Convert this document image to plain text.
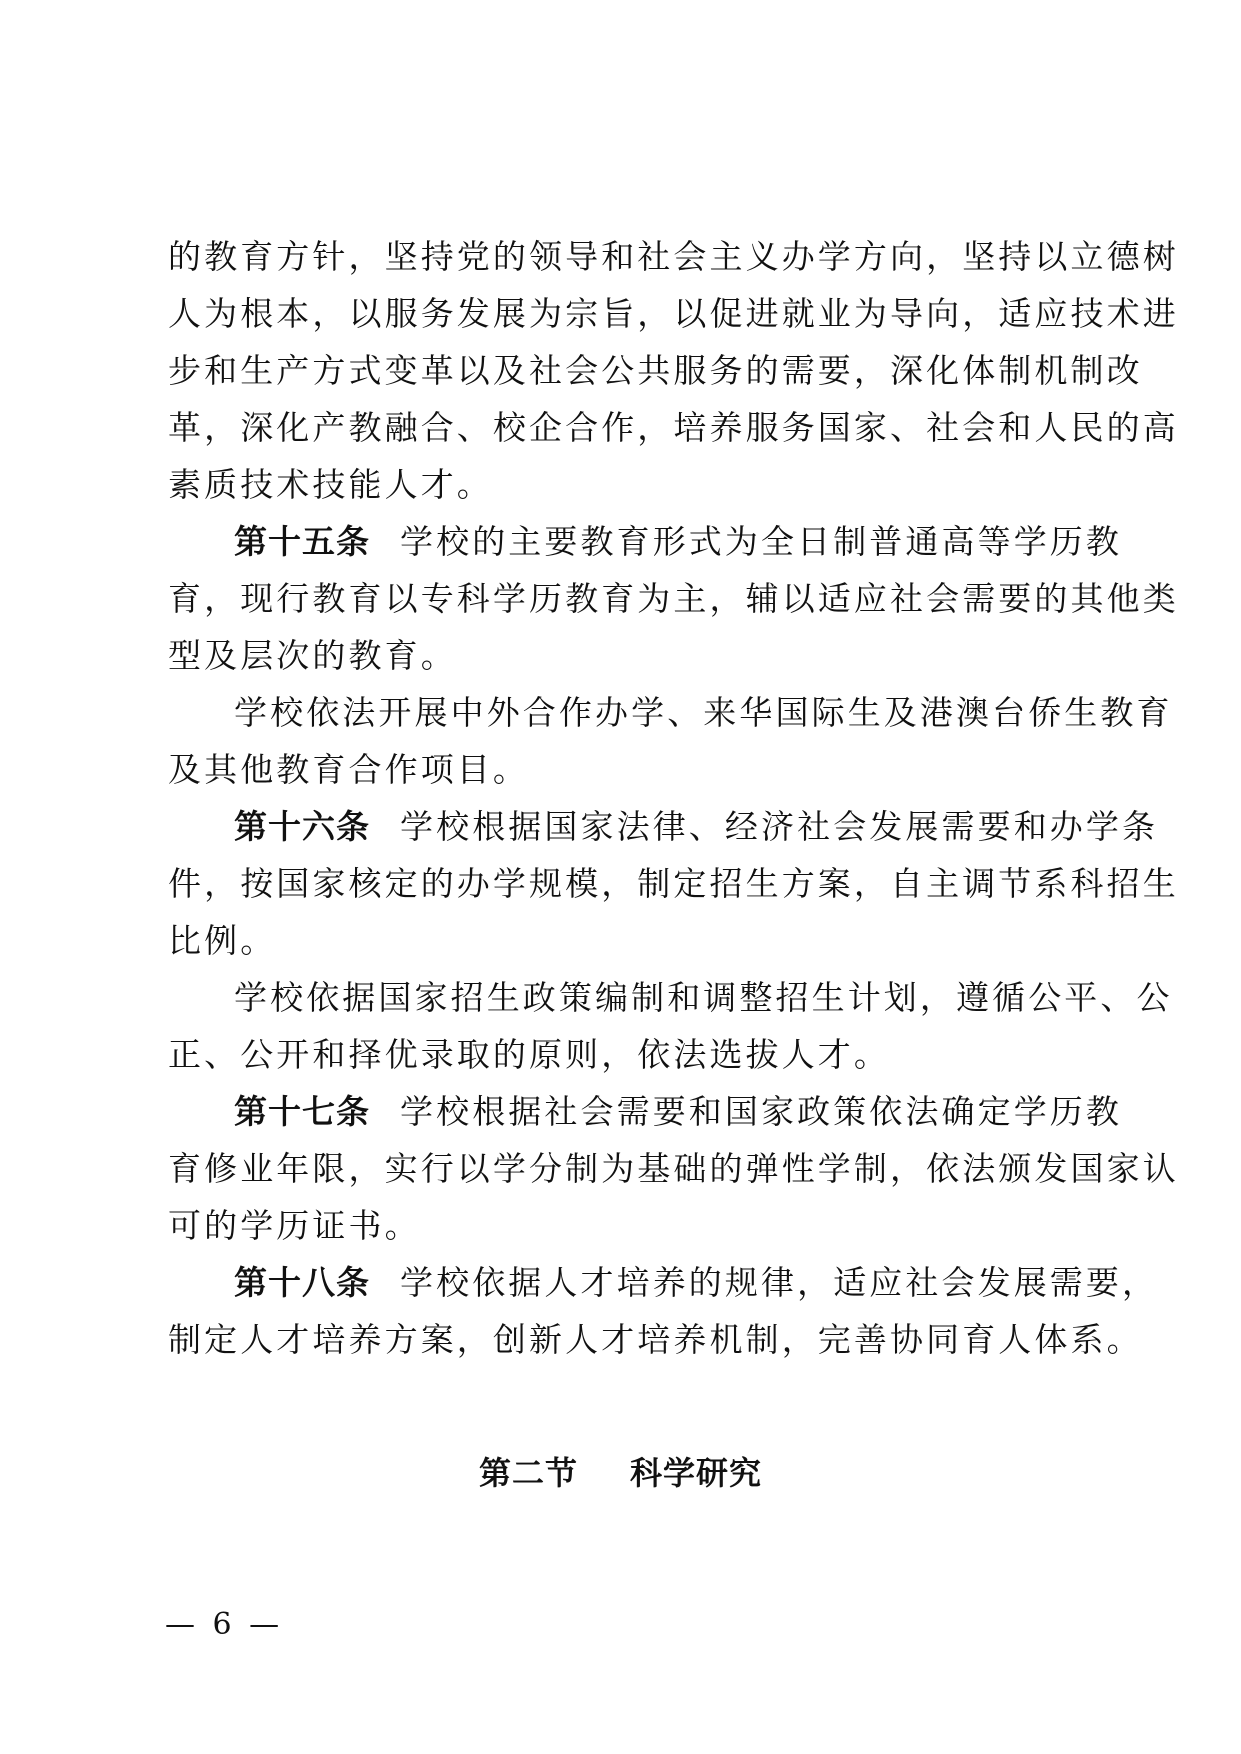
的教育方针，坚持党的领导和社会主义办学方向，坚持以立德树
人为根本，以服务发展为宗旨，以促进就业为导向，适应技术进
步和生产方式变革以及社会公共服务的需要，深化体制机制改
革，深化产教融合、校企合作，培养服务国家、社会和人民的高
素质技术技能人才。
第十五条 学校的主要教育形式为全日制普通高等学历教
育，现行教育以专科学历教育为主，辅以适应社会需要的其他类
型及层次的教育。
学校依法开展中外合作办学、来华国际生及港澳台侨生教育
及其他教育合作项目。
第十六条 学校根据国家法律、经济社会发展需要和办学条
件，按国家核定的办学规模，制定招生方案，自主调节系科招生
比例。
学校依据国家招生政策编制和调整招生计划，遵循公平、公
正、公开和择优录取的原则，依法选拔人才。
第十七条 学校根据社会需要和国家政策依法确定学历教
育修业年限，实行以学分制为基础的弹性学制，依法颁发国家认
可的学历证书。
第十八条 学校依据人才培养的规律，适应社会发展需要，
制定人才培养方案，创新人才培养机制，完善协同育人体系。
第二节 科学研究
— 6 —
